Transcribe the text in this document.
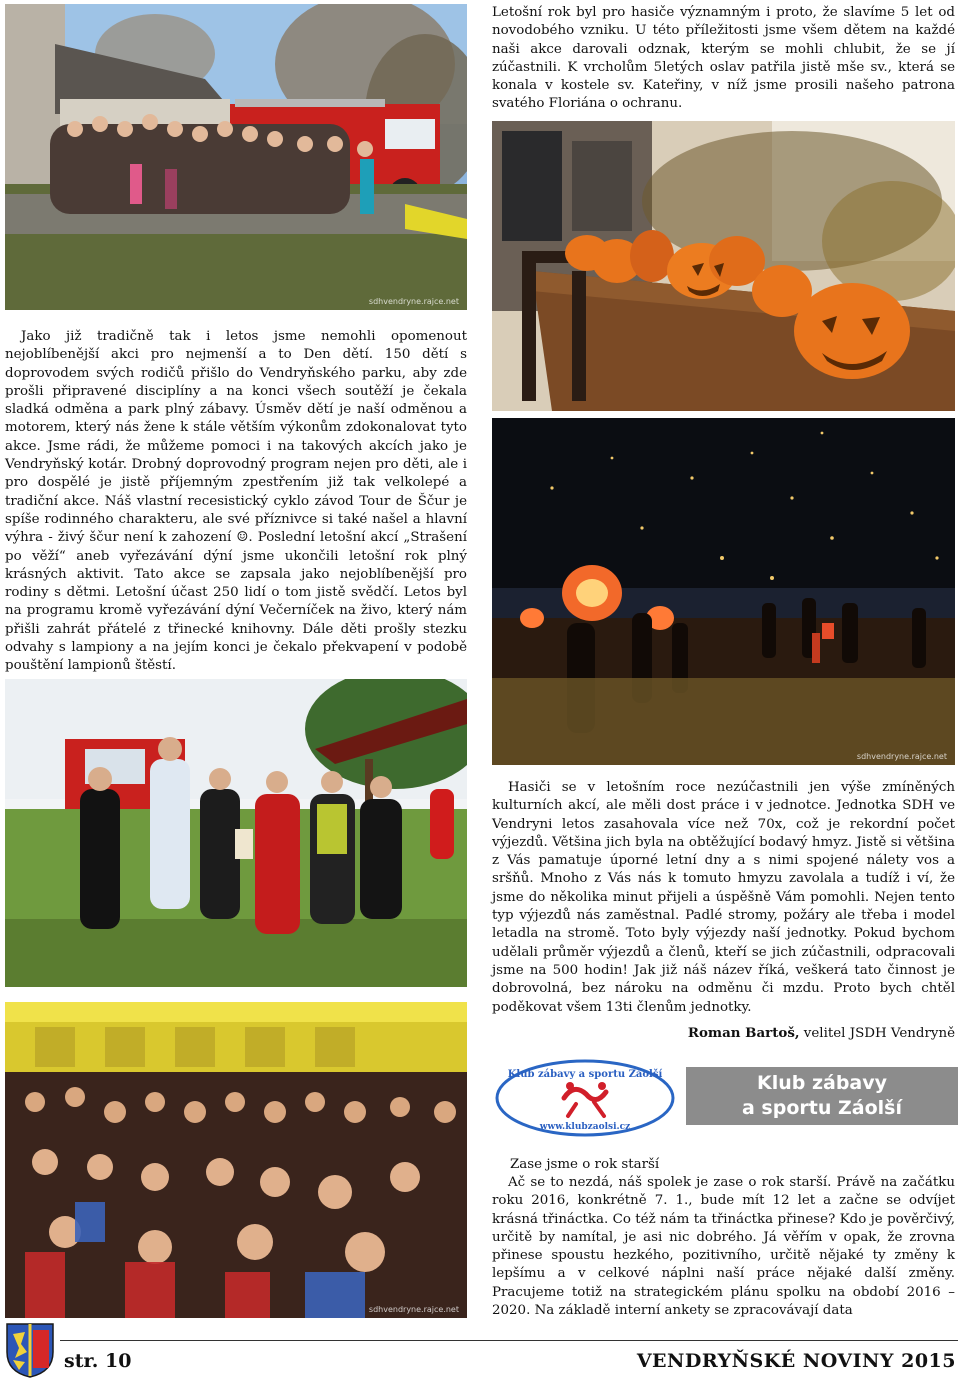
sdhvendryne.rajce.net

Letošní rok byl pro hasiče významným i proto, že slavíme 5 let od novodobého vzniku. U této příležitosti jsme všem dětem na každé naši akce darovali odznak, kterým se mohli chlubit, že se jí zúčastnili. K vrcholům 5letých oslav patřila jistě mše sv., která se konala v kostele sv. Kateřiny, v níž jsme prosili našeho patrona svatého Floriána o ochranu.

Jako již tradičně tak i letos jsme nemohli opomenout nejoblíbenější akci pro nejmenší a to Den dětí. 150 dětí s doprovodem svých rodičů přišlo do Vendryňského parku, aby zde prošli připravené disciplíny a na konci všech soutěží je čekala sladká odměna a park plný zábavy. Úsměv dětí je naší odměnou a motorem, který nás žene k stále větším výkonům zdokonalovat tyto akce. Jsme rádi, že můžeme pomoci i na takových akcích jako je Vendryňský kotár. Drobný doprovodný program nejen pro děti, ale i pro dospělé je jistě příjemným zpestřením již tak velkolepé a tradiční akce. Náš vlastní recesistický cyklo závod Tour de Ščur je spíše rodinného charakteru, ale své příznivce si také našel a hlavní výhra - živý ščur není k zahození ☺. Poslední letošní akcí „Strašení po věží“ aneb vyřezávání dýní jsme ukončili letošní rok plný krásných aktivit. Tato akce se zapsala jako nejoblíbenější pro rodiny s dětmi. Letošní účast 250 lidí o tom jistě svědčí. Letos byl na programu kromě vyřezávání dýní Večerníček na živo, který nám přišli zahrát přátelé z třinecké knihovny. Dále děti prošly stezku odvahy s lampiony a na jejím konci je čekalo překvapení v podobě pouštění lampionů štěstí.

sdhvendryne.rajce.net

Hasiči se v letošním roce nezúčastnili jen výše zmíněných kulturních akcí, ale měli dost práce i v jednotce. Jednotka SDH ve Vendryni letos zasahovala více než 70x, což je rekordní počet výjezdů. Většina jich byla na obtěžující bodavý hmyz. Jistě si většina z Vás pamatuje úporné letní dny a s nimi spojené nálety vos a sršňů. Mnoho z Vás nás k tomuto hmyzu zavolala a tudíž i ví, že jsme do několika minut přijeli a úspěšně Vám pomohli. Nejen tento typ výjezdů nás zaměstnal. Padlé stromy, požáry ale třeba i model letadla na stromě. Toto byly výjezdy naší jednotky. Pokud bychom udělali průměr výjezdů a členů, kteří se jich zúčastnili, odpracovali jsme na 500 hodin! Jak již náš název říká, veškerá tato činnost je dobrovolná, bez nároku na odměnu či mzdu. Proto bych chtěl poděkovat všem 13ti členům jednotky.

Roman Bartoš, velitel JSDH Vendryně
sdhvendryne.rajce.net
Klub zábavy a sportu Záolší
www.klubzaolsi.cz
Klub zábavy
a sportu Záolší
Zase jsme o rok starší

Ač se to nezdá, náš spolek je zase o rok starší. Právě na začátku roku 2016, konkrétně 7. 1., bude mít 12 let a začne se odvíjet krásná třináctka. Co též nám ta třináctka přinese? Kdo je pověrčivý, určitě by namítal, je asi nic dobrého. Já věřím v opak, že zrovna přinese spoustu hezkého, pozitivního, určitě nějaké ty změny k lepšímu a v celkové náplni naší práce nějaké další změny. Pracujeme totiž na strategickém plánu spolku na období 2016 – 2020. Na základě interní ankety se zpracovávají data

str. 10	VENDRYŇSKÉ NOVINY 2015
